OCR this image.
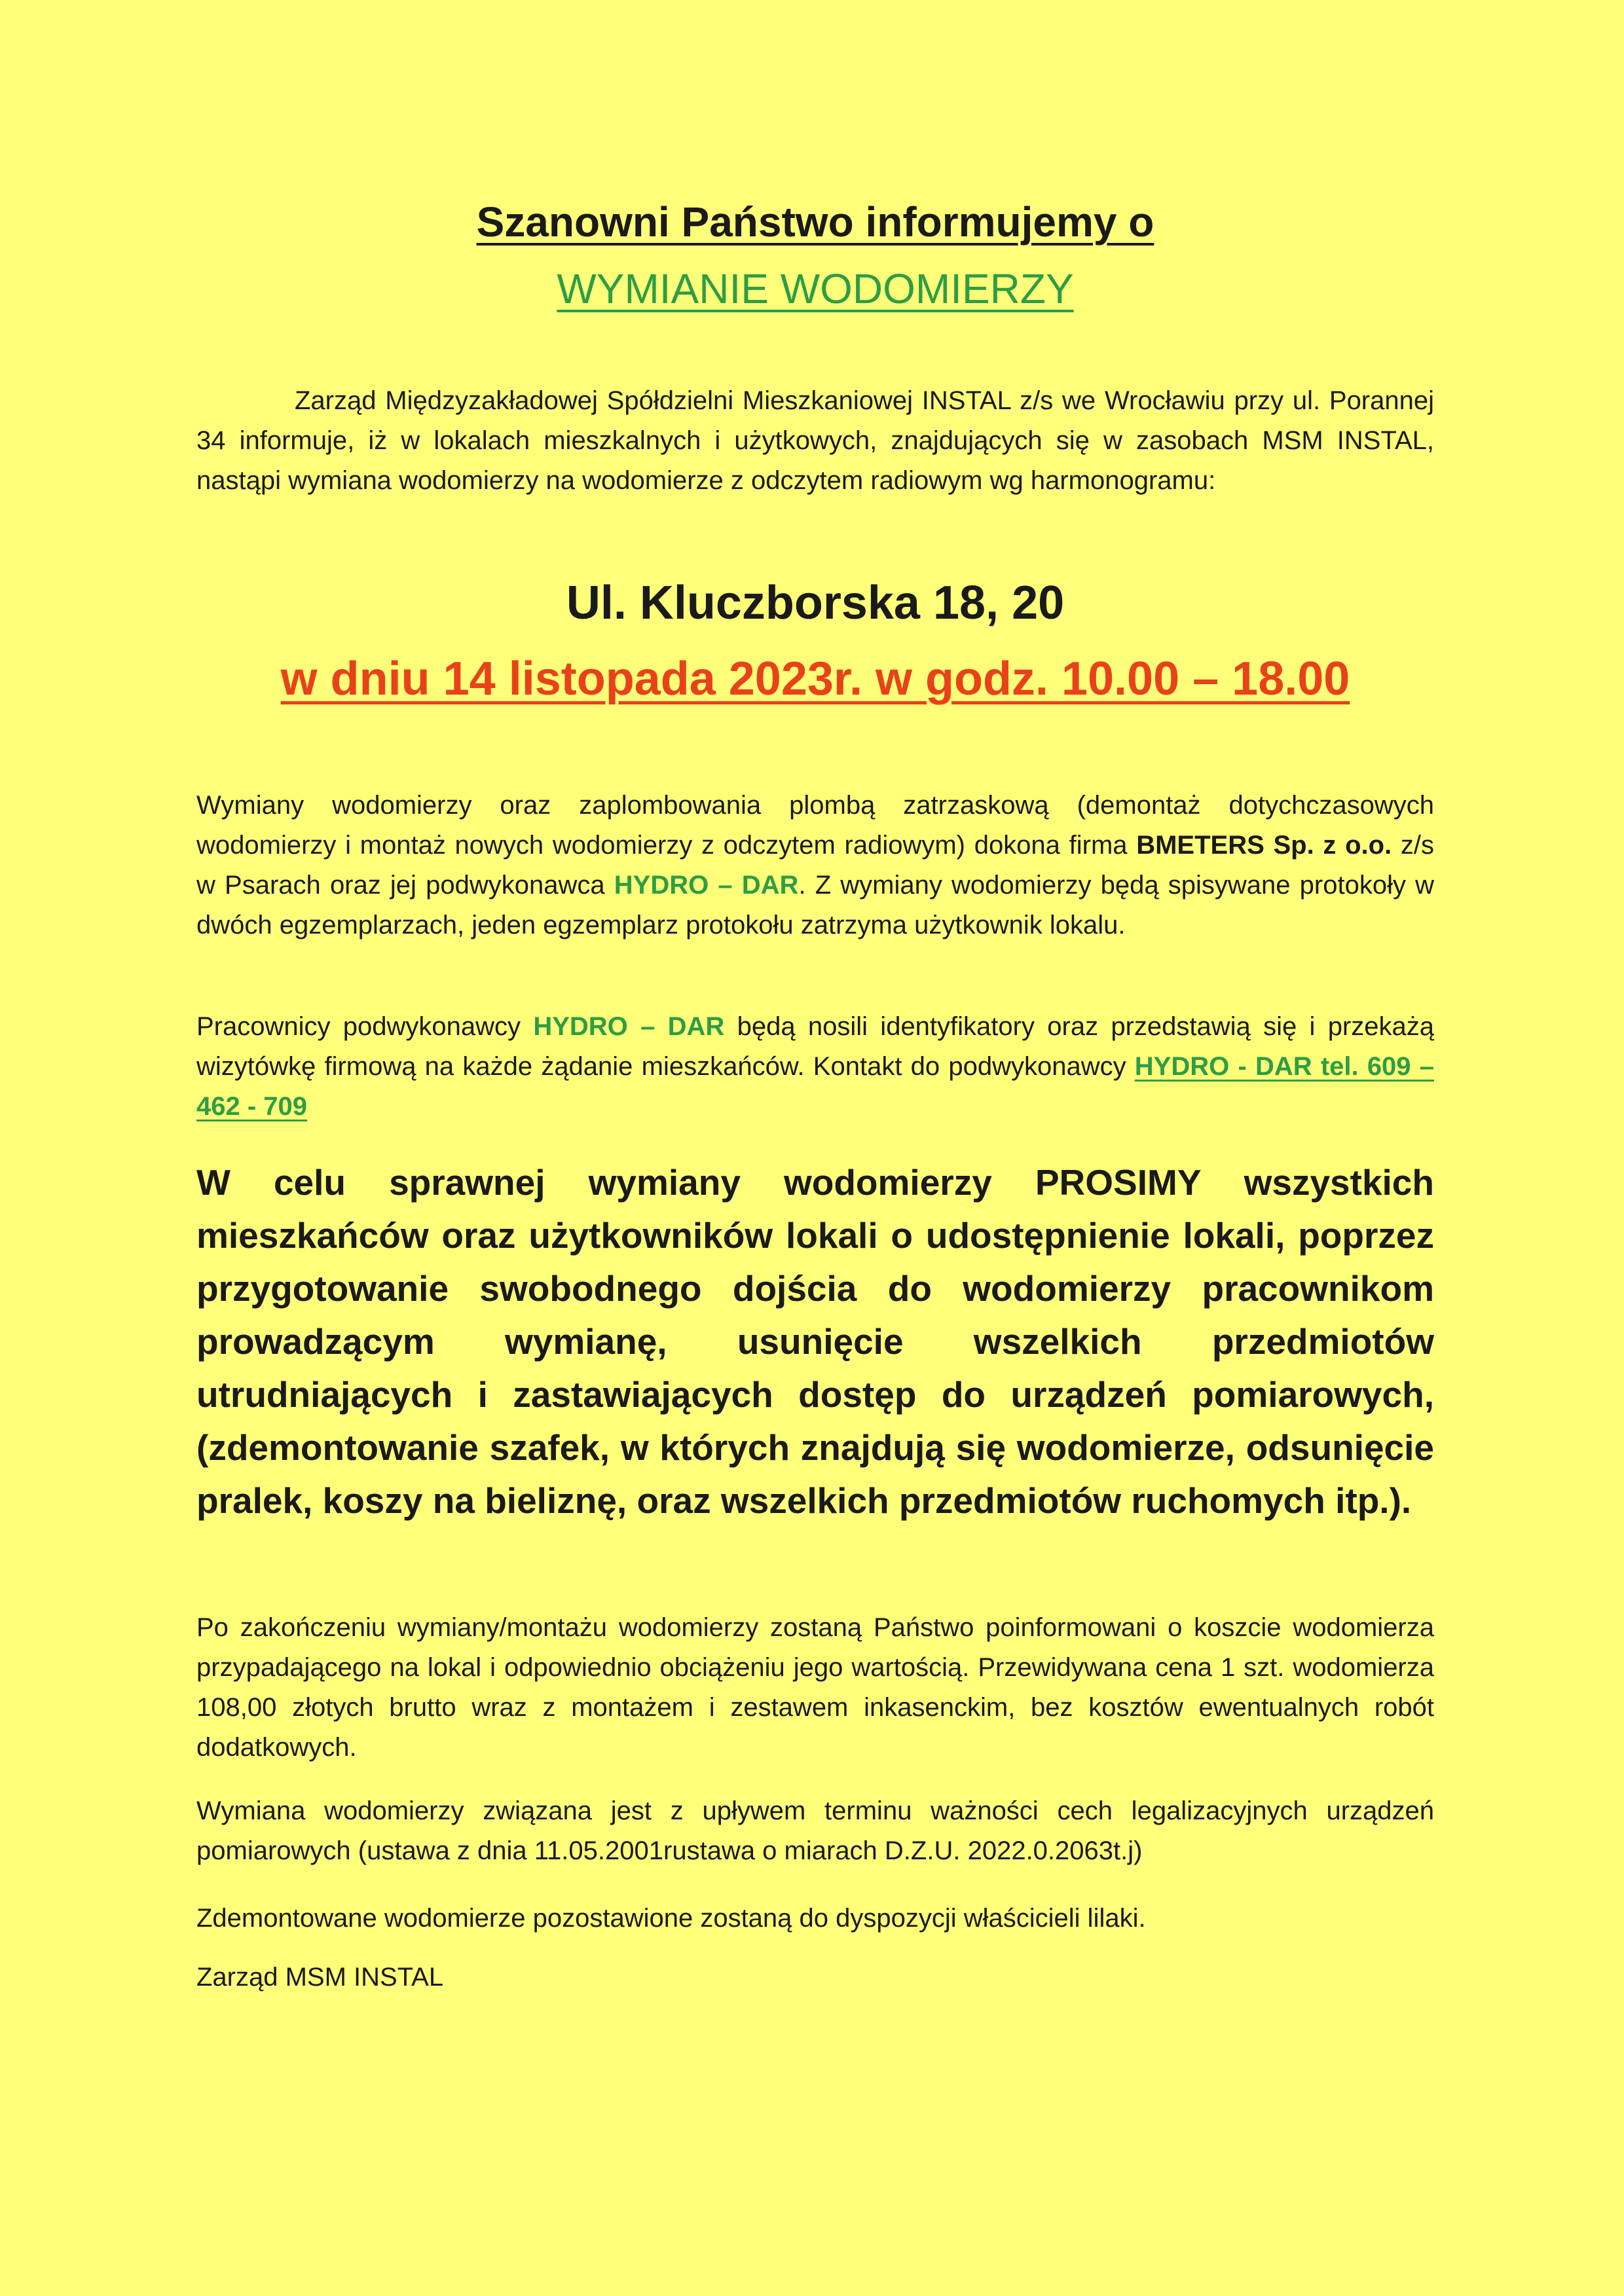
Szanowni Państwo informujemy o
WYMIANIE WODOMIERZY

Zarząd Międzyzakładowej Spółdzielni Mieszkaniowej INSTAL z/s we Wrocławiu przy ul. Porannej 34 informuje, iż w lokalach mieszkalnych i użytkowych, znajdujących się w zasobach MSM INSTAL, nastąpi wymiana wodomierzy na wodomierze z odczytem radiowym wg harmonogramu:

Ul. Kluczborska 18, 20

w dniu 14 listopada 2023r. w godz. 10.00 – 18.00

Wymiany wodomierzy oraz zaplombowania plombą zatrzaskową (demontaż dotychczasowych wodomierzy i montaż nowych wodomierzy z odczytem radiowym) dokona firma BMETERS Sp. z o.o. z/s w Psarach oraz jej podwykonawca HYDRO – DAR. Z wymiany wodomierzy będą spisywane protokoły w dwóch egzemplarzach, jeden egzemplarz protokołu zatrzyma użytkownik lokalu.

Pracownicy podwykonawcy HYDRO – DAR będą nosili identyfikatory oraz przedstawią się i przekażą wizytówkę firmową na każde żądanie mieszkańców. Kontakt do podwykonawcy HYDRO - DAR tel. 609 – 462 - 709

W celu sprawnej wymiany wodomierzy PROSIMY wszystkich mieszkańców oraz użytkowników lokali o udostępnienie lokali, poprzez przygotowanie swobodnego dojścia do wodomierzy pracownikom prowadzącym wymianę, usunięcie wszelkich przedmiotów utrudniających i zastawiających dostęp do urządzeń pomiarowych, (zdemontowanie szafek, w których znajdują się wodomierze, odsunięcie pralek, koszy na bieliznę, oraz wszelkich przedmiotów ruchomych itp.).

Po zakończeniu wymiany/montażu wodomierzy zostaną Państwo poinformowani o koszcie wodomierza przypadającego na lokal i odpowiednio obciążeniu jego wartością. Przewidywana cena 1 szt. wodomierza 108,00 złotych brutto wraz z montażem i zestawem inkasenckim, bez kosztów ewentualnych robót dodatkowych.

Wymiana wodomierzy związana jest z upływem terminu ważności cech legalizacyjnych urządzeń pomiarowych (ustawa z dnia 11.05.2001rustawa o miarach D.Z.U. 2022.0.2063t.j)

Zdemontowane wodomierze pozostawione zostaną do dyspozycji właścicieli lilaki.

Zarząd MSM INSTAL
